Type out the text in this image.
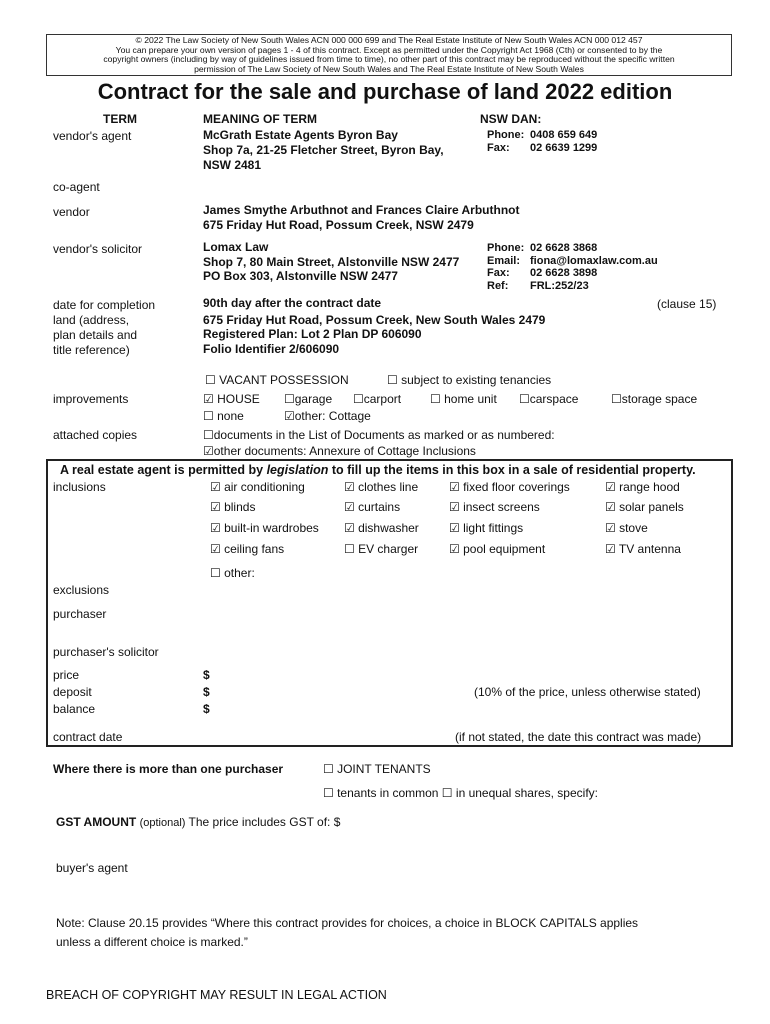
© 2022 The Law Society of New South Wales ACN 000 000 699 and The Real Estate Institute of New South Wales ACN 000 012 457
You can prepare your own version of pages 1 - 4 of this contract. Except as permitted under the Copyright Act 1968 (Cth) or consented to by the
copyright owners (including by way of guidelines issued from time to time), no other part of this contract may be reproduced without the specific written
permission of The Law Society of New South Wales and The Real Estate Institute of New South Wales
Contract for the sale and purchase of land 2022 edition
TERM	MEANING OF TERM	NSW DAN:
vendor's agent	McGrath Estate Agents Byron Bay
Shop 7a, 21-25 Fletcher Street, Byron Bay,
NSW 2481
Phone: 0408 659 649
Fax: 02 6639 1299
co-agent
vendor	James Smythe Arbuthnot and Frances Claire Arbuthnot
675 Friday Hut Road, Possum Creek, NSW 2479
vendor's solicitor	Lomax Law
Shop 7, 80 Main Street, Alstonville NSW 2477
PO Box 303, Alstonville NSW 2477
Phone: 02 6628 3868
Email: fiona@lomaxlaw.com.au
Fax: 02 6628 3898
Ref: FRL:252/23
date for completion	90th day after the contract date	(clause 15)
land (address,
plan details and
title reference)
675 Friday Hut Road, Possum Creek, New South Wales 2479
Registered Plan: Lot 2 Plan DP 606090
Folio Identifier 2/606090
☐ VACANT POSSESSION	☐ subject to existing tenancies
improvements	☑ HOUSE ☐garage ☐carport ☐ home unit ☐carspace	☐storage space
☐ none	☑other: Cottage
attached copies	☐documents in the List of Documents as marked or as numbered:
☑other documents: Annexure of Cottage Inclusions
A real estate agent is permitted by legislation to fill up the items in this box in a sale of residential property.
inclusions	☑ air conditioning	☑ clothes line	☑ fixed floor coverings	☑ range hood
☑ blinds	☑ curtains	☑ insect screens	☑ solar panels
☑ built-in wardrobes ☑ dishwasher	☑ light fittings	☑ stove
☑ ceiling fans	☐ EV charger	☑ pool equipment	☑ TV antenna
☐ other:
exclusions
purchaser
purchaser's solicitor
price	$
deposit	$	(10% of the price, unless otherwise stated)
balance	$
contract date	(if not stated, the date this contract was made)
Where there is more than one purchaser	☐ JOINT TENANTS
☐ tenants in common ☐ in unequal shares, specify:
GST AMOUNT (optional) The price includes GST of: $
buyer's agent
Note: Clause 20.15 provides “Where this contract provides for choices, a choice in BLOCK CAPITALS applies
unless a different choice is marked.”
BREACH OF COPYRIGHT MAY RESULT IN LEGAL ACTION
